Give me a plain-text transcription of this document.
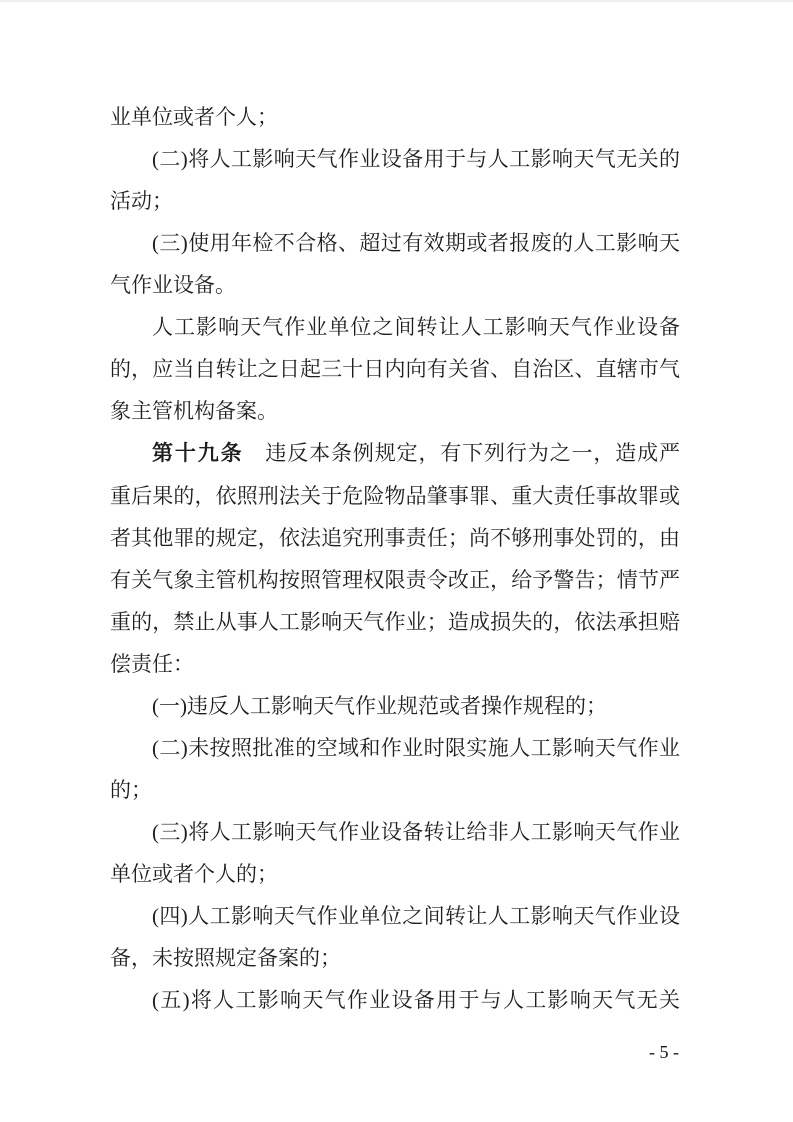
业单位或者个人；

(二)将人工影响天气作业设备用于与人工影响天气无关的活动；

(三)使用年检不合格、超过有效期或者报废的人工影响天气作业设备。

人工影响天气作业单位之间转让人工影响天气作业设备的，应当自转让之日起三十日内向有关省、自治区、直辖市气象主管机构备案。

第十九条　违反本条例规定，有下列行为之一，造成严重后果的，依照刑法关于危险物品肇事罪、重大责任事故罪或者其他罪的规定，依法追究刑事责任；尚不够刑事处罚的，由有关气象主管机构按照管理权限责令改正，给予警告；情节严重的，禁止从事人工影响天气作业；造成损失的，依法承担赔偿责任：

(一)违反人工影响天气作业规范或者操作规程的；

(二)未按照批准的空域和作业时限实施人工影响天气作业的；

(三)将人工影响天气作业设备转让给非人工影响天气作业单位或者个人的；

(四)人工影响天气作业单位之间转让人工影响天气作业设备，未按照规定备案的；

(五)将人工影响天气作业设备用于与人工影响天气无关

- 5 -
